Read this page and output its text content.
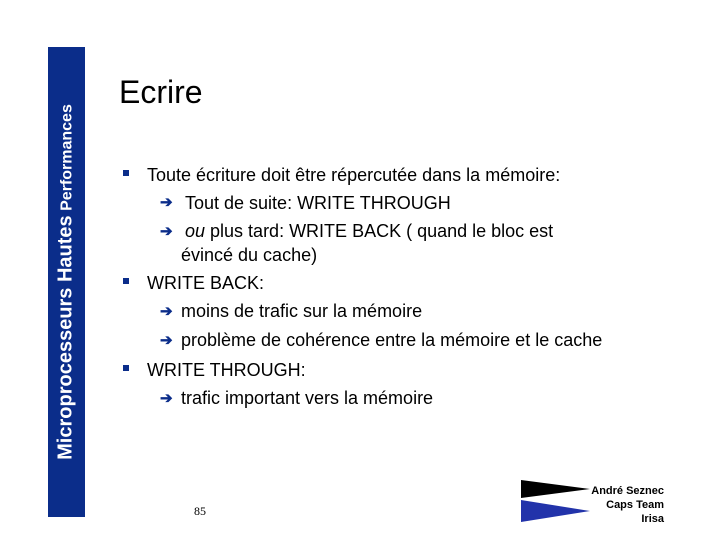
Microprocesseurs Hautes Performances
Ecrire
Toute écriture doit être répercutée dans la mémoire:
➔ Tout de suite: WRITE THROUGH
➔ ou plus tard: WRITE BACK ( quand le bloc est
évincé du cache)
WRITE BACK:
➔ moins de trafic sur la mémoire
➔ problème de cohérence entre la mémoire et le cache
WRITE THROUGH:
➔ trafic important vers la mémoire
85
André Seznec
Caps Team
Irisa
